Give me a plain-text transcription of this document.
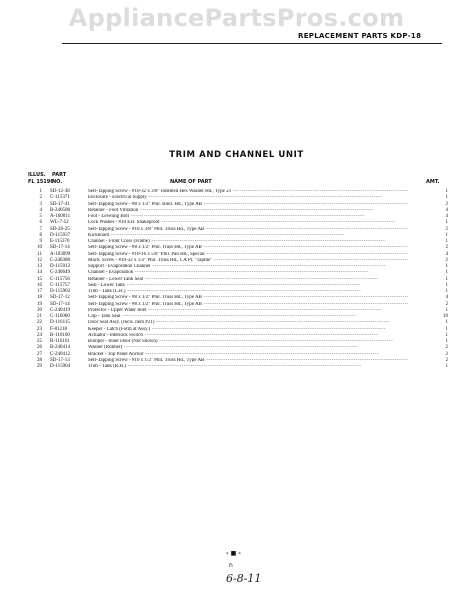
AppliancePartsPros.com
REPLACEMENT PARTS KDP-18
TRIM AND CHANNEL UNIT
ILLUS.
FL 15196
PART
NO.	NAME OF PART	AMT.
1 SD-12-38	Self-Tapping Screw - #10-32 x 3/8" Indented Hex Washer Hd., Type 23 -----	1
2 C-115371	Enclosure - Electrical Supply -----	1
3 SD-17-41	Self-Tapping Screw - #8 x 1/2" Phil. Bind. Hd., Type AB -----	2
4 B-240508	Retainer - Foot Vibration -----	4
5 A-160011	Foot - Leveling Bolt -----	4
6 WL-7-12	Lock Washer - #10 Ext. Shakeproof -----	1
7 SD-26-25	Self-Tapping Screw - #10 x 3/8" Phil. Truss Hd., Type AB -----	2
8 D-115937	Kickboard -----	1
9 E-115370	Channel - Front Cross (Frame) -----	1
10 SD-17-14	Self-Tapping Screw - #8 x 1/2" Phil. Truss Hd., Type AB -----	2
11 A-103099	Self-Tapping Screw - #10-16 x 5/8" Phil. Pan Hd., Special -----	4
12 C-240388	Mach. Screw - #10-32 x 1/2" Phil. Truss Hd., CA Pt. "Taptite" -----	2
13 D-115912	Support - Evaporation Channel -----	1
14 C-240649	Channel - Evaporation -----	1
15 C-115756	Retainer - Lower Tank Seal -----	1
16 C-115757	Seal - Lower Tank -----	1
17 D-115903	Trim - Tank (L.H.) -----	1
18 SD-17-12	Self-Tapping Screw - #8 x 1/2" Phil. Truss Hd., Type AB -----	4
19 SD-17-14	Self-Tapping Screw - #8 x 1/2" Phil. Truss Hd., Type AB -----	2
20 C-240419	Protector - Upper Water Inlet -----	1
21 C-116000	Clip - Tank Seal -----	10
22 D-116115	Door Seal Assy. (Incls. item #21) -----	1
23 F-81218	Keeper - Latch (Form at Assy.) -----	1
24 B-116100	Actuator - Interlock Switch -----	1
25 B-116101	Bumper - Inner Door (Not Shown) -----	1
26 B-240414	Washer (Rubber) -----	2
27 C-240412	Bracket - Top Panel Anchor -----	2
28 SD-17-13	Self-Tapping Screw - #10 x 1/2" Phil. Truss Hd., Type AB -----	2
29 D-115904	Trim - Tank (R.H.) -----	1
- ■ -
n
6-8-11
